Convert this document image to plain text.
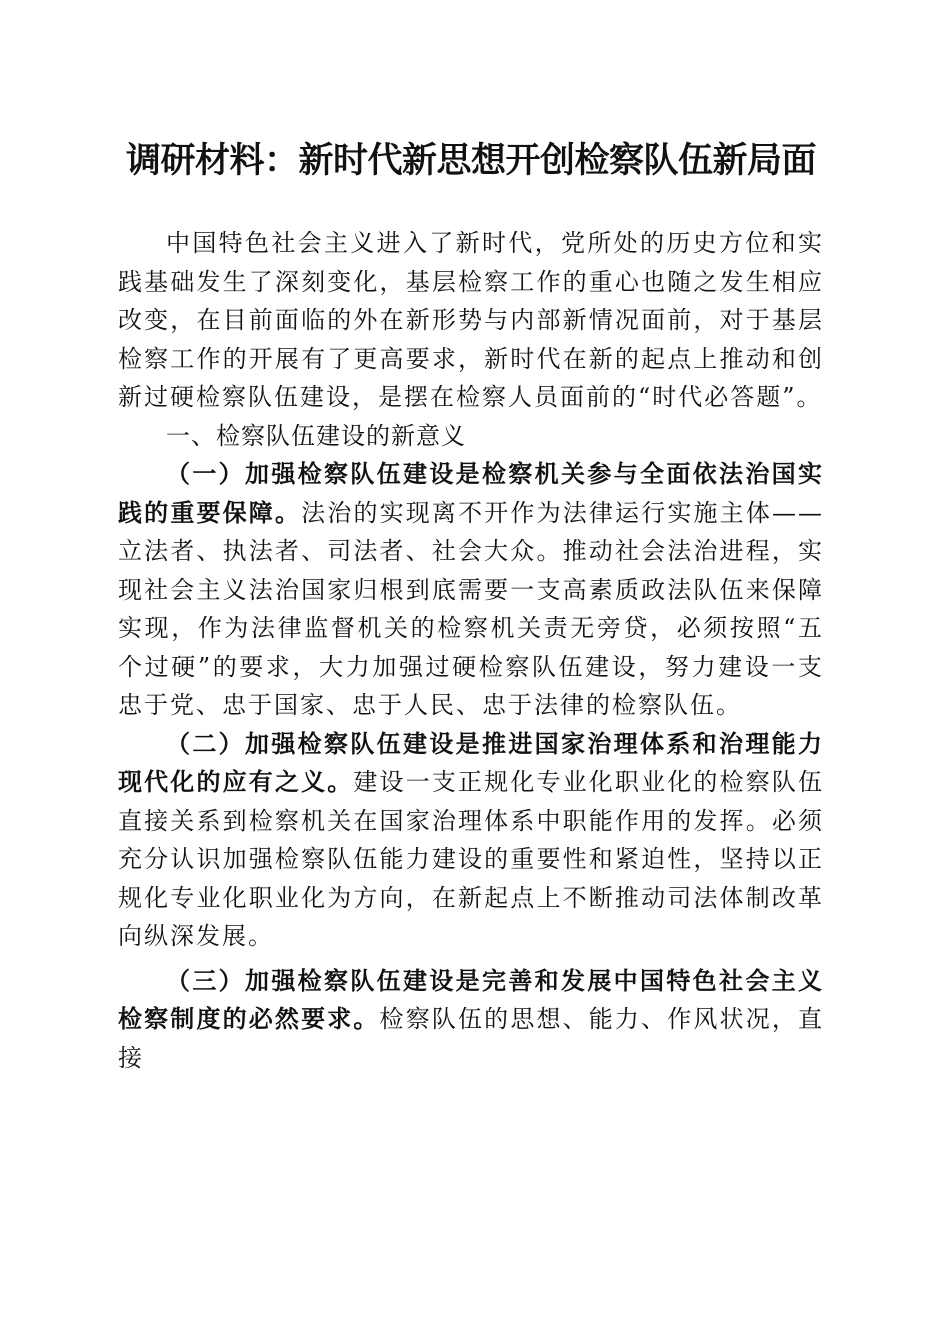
调研材料：新时代新思想开创检察队伍新局面

中国特色社会主义进入了新时代，党所处的历史方位和实践基础发生了深刻变化，基层检察工作的重心也随之发生相应改变，在目前面临的外在新形势与内部新情况面前，对于基层检察工作的开展有了更高要求，新时代在新的起点上推动和创新过硬检察队伍建设，是摆在检察人员面前的“时代必答题”。

一、检察队伍建设的新意义

（一）加强检察队伍建设是检察机关参与全面依法治国实践的重要保障。法治的实现离不开作为法律运行实施主体——立法者、执法者、司法者、社会大众。推动社会法治进程，实现社会主义法治国家归根到底需要一支高素质政法队伍来保障实现，作为法律监督机关的检察机关责无旁贷，必须按照“五个过硬”的要求，大力加强过硬检察队伍建设，努力建设一支忠于党、忠于国家、忠于人民、忠于法律的检察队伍。

（二）加强检察队伍建设是推进国家治理体系和治理能力现代化的应有之义。建设一支正规化专业化职业化的检察队伍直接关系到检察机关在国家治理体系中职能作用的发挥。必须充分认识加强检察队伍能力建设的重要性和紧迫性，坚持以正规化专业化职业化为方向，在新起点上不断推动司法体制改革向纵深发展。

（三）加强检察队伍建设是完善和发展中国特色社会主义检察制度的必然要求。检察队伍的思想、能力、作风状况，直接
